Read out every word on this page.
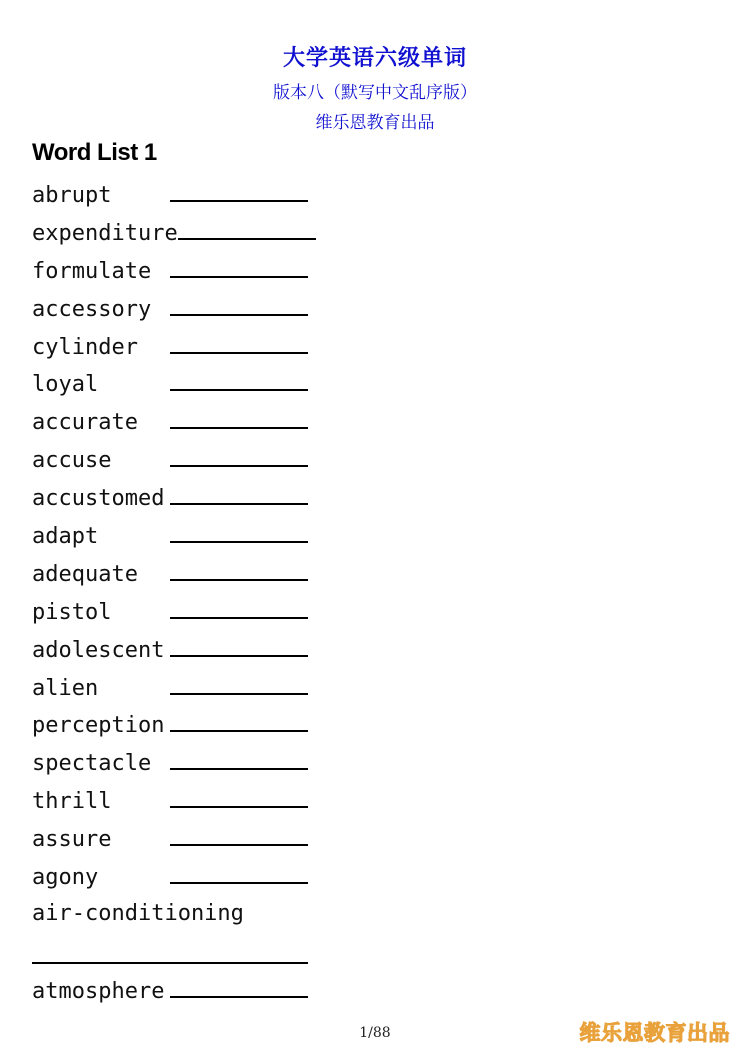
大学英语六级单词
版本八（默写中文乱序版）
维乐恩教育出品
Word List 1
abrupt
expenditure
formulate
accessory
cylinder
loyal
accurate
accuse
accustomed
adapt
adequate
pistol
adolescent
alien
perception
spectacle
thrill
assure
agony
air-conditioning
atmosphere
1/88	维乐恩教育出品
